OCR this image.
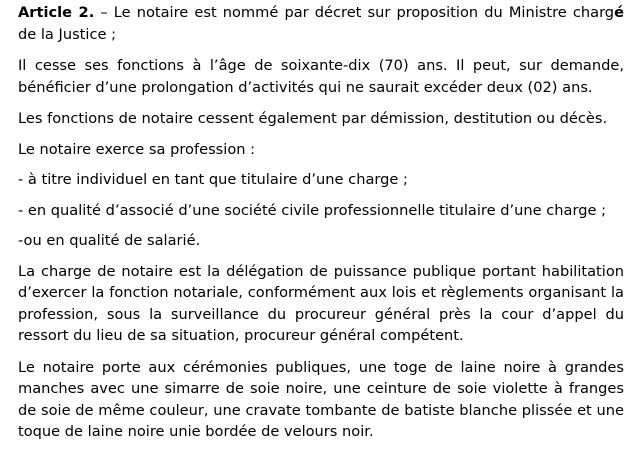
Article 2. – Le notaire est nommé par décret sur proposition du Ministre chargé de la Justice ;

Il cesse ses fonctions à l’âge de soixante-dix (70) ans. Il peut, sur demande, bénéficier d’une prolongation d’activités qui ne saurait excéder deux (02) ans.

Les fonctions de notaire cessent également par démission, destitution ou décès.

Le notaire exerce sa profession :

- à titre individuel en tant que titulaire d’une charge ;

- en qualité d’associé d’une société civile professionnelle titulaire d’une charge ;

-ou en qualité de salarié.

La charge de notaire est la délégation de puissance publique portant habilitation d’exercer la fonction notariale, conformément aux lois et règlements organisant la profession, sous la surveillance du procureur général près la cour d’appel du ressort du lieu de sa situation, procureur général compétent.

Le notaire porte aux cérémonies publiques, une toge de laine noire à grandes manches avec une simarre de soie noire, une ceinture de soie violette à franges de soie de même couleur, une cravate tombante de batiste blanche plissée et une toque de laine noire unie bordée de velours noir.
